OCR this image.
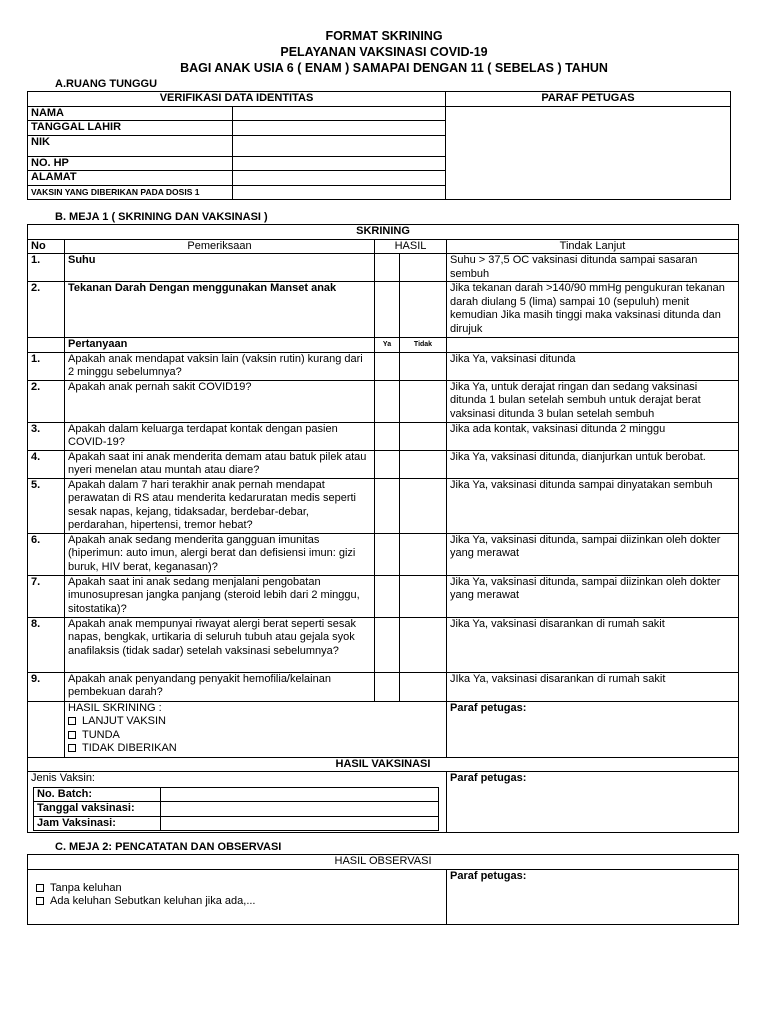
FORMAT SKRINING
PELAYANAN VAKSINASI COVID-19
BAGI ANAK USIA 6 ( ENAM ) SAMAPAI DENGAN 11 ( SEBELAS ) TAHUN
A.RUANG TUNGGU
VERIFIKASI DATA IDENTITAS		PARAF PETUGAS
NAMA		
TANGGAL LAHIR		
NIK		
NO. HP		
ALAMAT		
VAKSIN YANG DIBERIKAN PADA DOSIS 1		
B. MEJA 1 ( SKRINING DAN VAKSINASI )
SKRINING
No	Pemeriksaan	HASIL	Tindak Lanjut
1.	Suhu			Suhu > 37,5 OC vaksinasi ditunda sampai sasaran sembuh
2.	Tekanan Darah Dengan menggunakan Manset anak			Jika tekanan darah >140/90 mmHg pengukuran tekanan darah diulang 5 (lima) sampai 10 (sepuluh) menit kemudian Jika masih tinggi maka vaksinasi ditunda dan dirujuk
	Pertanyaan	Ya	Tidak	
1.	Apakah anak mendapat vaksin lain (vaksin rutin) kurang dari 2 minggu sebelumnya?			Jika Ya, vaksinasi ditunda
2.	Apakah anak pernah sakit COVID19?			Jika Ya, untuk derajat ringan dan sedang vaksinasi ditunda 1 bulan setelah sembuh untuk derajat berat vaksinasi ditunda 3 bulan setelah sembuh
3.	Apakah dalam keluarga terdapat kontak dengan pasien COVID-19?			Jika ada kontak, vaksinasi ditunda 2 minggu
4.	Apakah saat ini anak menderita demam atau batuk pilek atau nyeri menelan atau muntah atau diare?			Jika Ya, vaksinasi ditunda, dianjurkan untuk berobat.
5.	Apakah dalam 7 hari terakhir anak pernah mendapat perawatan di RS atau menderita kedaruratan medis seperti sesak napas, kejang, tidaksadar, berdebar-debar, perdarahan, hipertensi, tremor hebat?			Jika Ya, vaksinasi ditunda sampai dinyatakan sembuh
6.	Apakah anak sedang menderita gangguan imunitas (hiperimun: auto imun, alergi berat dan defisiensi imun: gizi buruk, HIV berat, keganasan)?			Jika Ya, vaksinasi ditunda, sampai diizinkan oleh dokter yang merawat
7.	Apakah saat ini anak sedang menjalani pengobatan imunosupresan jangka panjang (steroid lebih dari 2 minggu, sitostatika)?			Jika Ya, vaksinasi ditunda, sampai diizinkan oleh dokter yang merawat
8.	Apakah anak mempunyai riwayat alergi berat seperti sesak napas, bengkak, urtikaria di seluruh tubuh atau gejala syok anafilaksis (tidak sadar) setelah vaksinasi sebelumnya?			Jika Ya, vaksinasi disarankan di rumah sakit
9.	Apakah anak penyandang penyakit hemofilia/kelainan pembekuan darah?			JIka Ya, vaksinasi disarankan di rumah sakit

HASIL SKRINING :
LANJUT VAKSIN
TUNDA
TIDAK DIBERIKAN
	Paraf petugas:
HASIL VAKSINASI

Jenis Vaksin:
No. Batch:	
Tanggal vaksinasi:	
Jam Vaksinasi:	
	Paraf petugas:
C. MEJA 2: PENCATATAN DAN OBSERVASI
HASIL OBSERVASI

Tanpa keluhan
Ada keluhan Sebutkan keluhan jika ada,...
	Paraf petugas:
